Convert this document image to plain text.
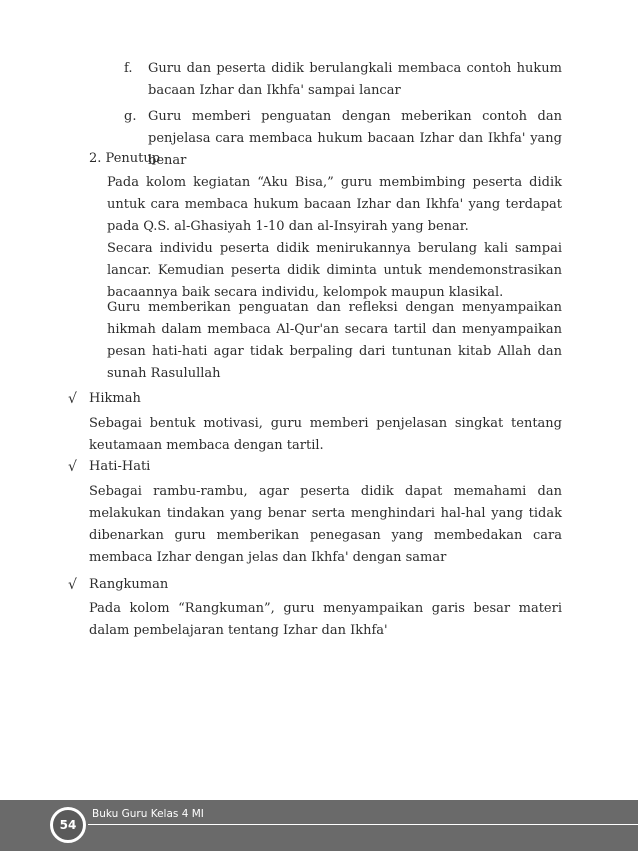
f. Guru dan peserta didik berulangkali membaca contoh hukum bacaan Izhar dan Ikhfa' sampai lancar

g. Guru memberi penguatan dengan meberikan contoh dan penjelasa cara membaca hukum bacaan Izhar dan Ikhfa' yang benar

2. Penutup

Pada kolom kegiatan “Aku Bisa,” guru membimbing peserta didik untuk cara membaca hukum bacaan Izhar dan Ikhfa' yang terdapat pada Q.S. al-Ghasiyah 1-10 dan al-Insyirah yang benar.

Secara individu peserta didik menirukannya berulang kali sampai lancar. Kemudian peserta didik diminta untuk mendemonstrasikan bacaannya baik secara individu, kelompok maupun klasikal.

Guru memberikan penguatan dan refleksi dengan menyampaikan hikmah dalam membaca Al-Qur'an secara tartil dan menyampaikan pesan hati-hati agar tidak berpaling dari tuntunan kitab Allah dan sunah Rasulullah

√ Hikmah

Sebagai bentuk motivasi, guru memberi penjelasan singkat tentang keutamaan membaca dengan tartil.

√ Hati-Hati

Sebagai rambu-rambu, agar peserta didik dapat memahami dan melakukan tindakan yang benar serta menghindari hal-hal yang tidak dibenarkan guru memberikan penegasan yang membedakan cara membaca Izhar dengan jelas dan Ikhfa' dengan samar

√ Rangkuman

Pada kolom “Rangkuman”, guru menyampaikan garis besar materi dalam pembelajaran tentang Izhar dan Ikhfa'

54
Buku Guru Kelas 4 MI
